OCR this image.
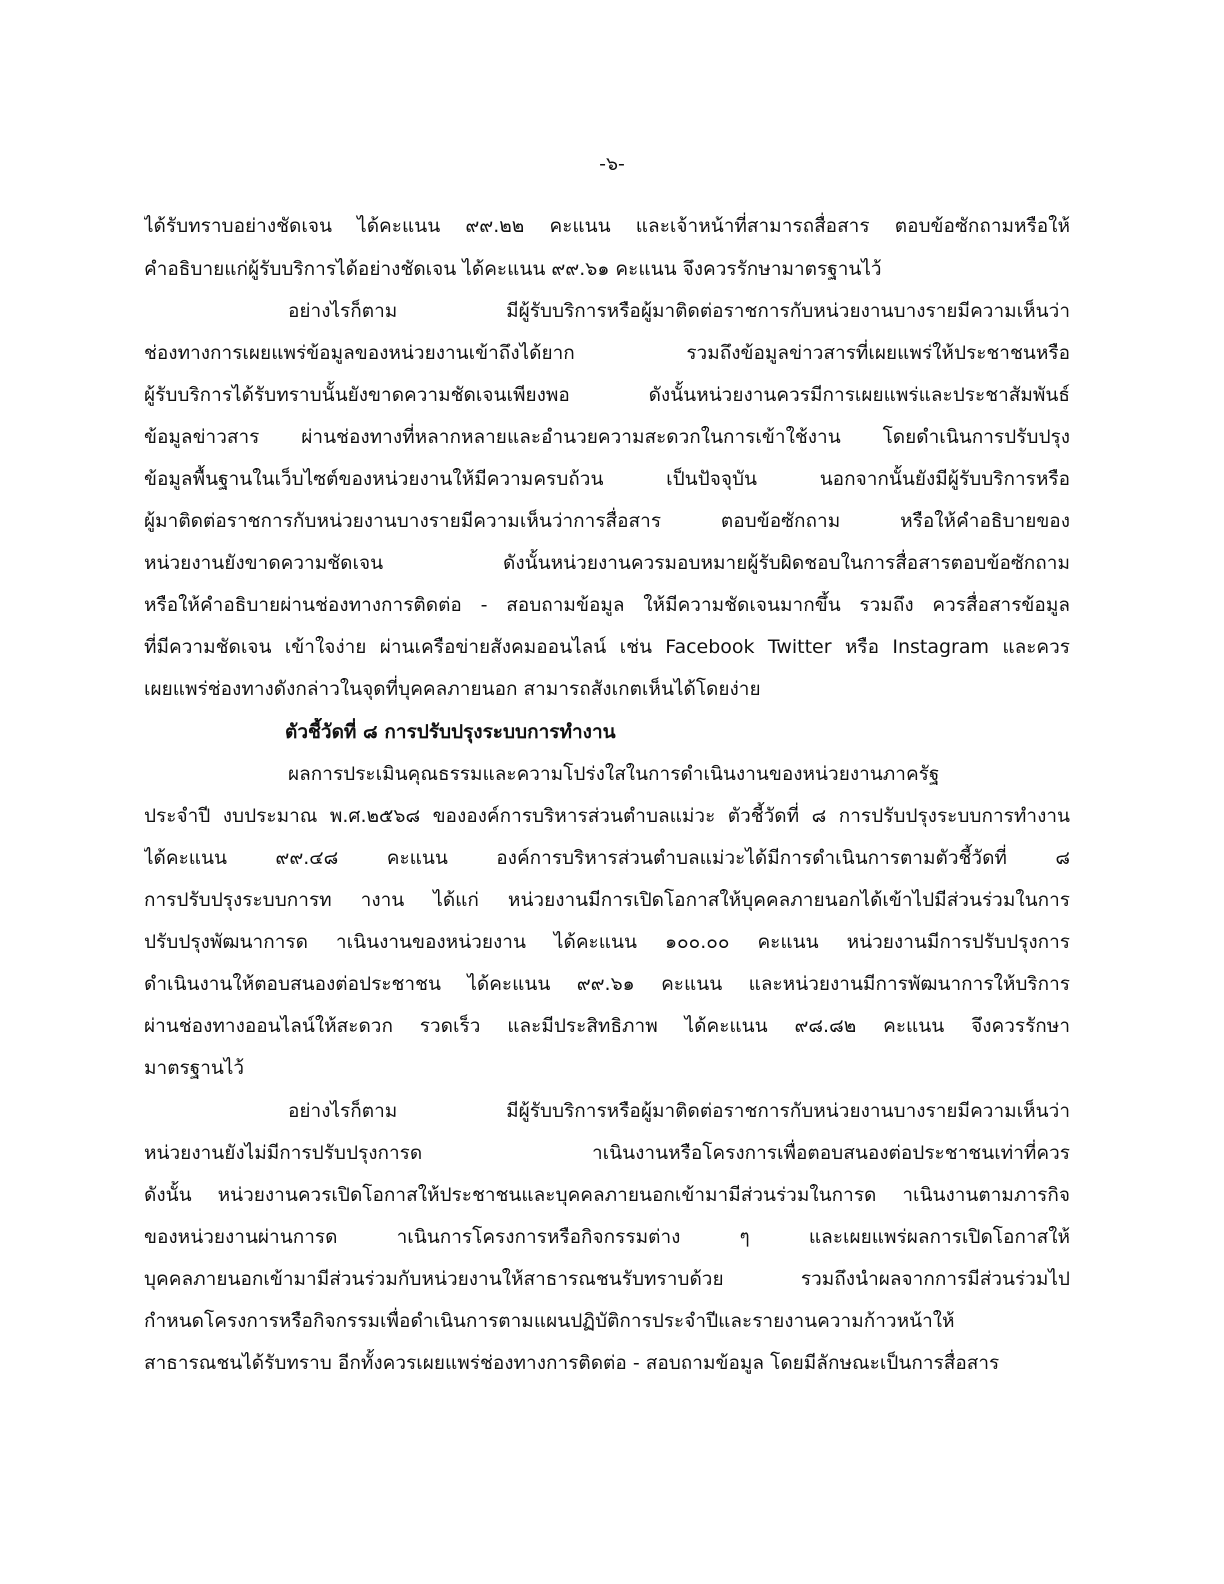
-๖-
ได้รับทราบอย่างชัดเจน ได้คะแนน ๙๙.๒๒ คะแนน และเจ้าหน้าที่สามารถสื่อสาร ตอบข้อซักถามหรือให้
คำอธิบายแก่ผู้รับบริการได้อย่างชัดเจน ได้คะแนน ๙๙.๖๑ คะแนน จึงควรรักษามาตรฐานไว้
อย่างไรก็ตาม มีผู้รับบริการหรือผู้มาติดต่อราชการกับหน่วยงานบางรายมีความเห็นว่า
ช่องทางการเผยแพร่ข้อมูลของหน่วยงานเข้าถึงได้ยาก รวมถึงข้อมูลข่าวสารที่เผยแพร่ให้ประชาชนหรือ
ผู้รับบริการได้รับทราบนั้นยังขาดความชัดเจนเพียงพอ ดังนั้นหน่วยงานควรมีการเผยแพร่และประชาสัมพันธ์
ข้อมูลข่าวสาร ผ่านช่องทางที่หลากหลายและอำนวยความสะดวกในการเข้าใช้งาน โดยดำเนินการปรับปรุง
ข้อมูลพื้นฐานในเว็บไซต์ของหน่วยงานให้มีความครบถ้วน เป็นปัจจุบัน นอกจากนั้นยังมีผู้รับบริการหรือ
ผู้มาติดต่อราชการกับหน่วยงานบางรายมีความเห็นว่าการสื่อสาร ตอบข้อซักถาม หรือให้คำอธิบายของ
หน่วยงานยังขาดความชัดเจน ดังนั้นหน่วยงานควรมอบหมายผู้รับผิดชอบในการสื่อสารตอบข้อซักถาม
หรือให้คำอธิบายผ่านช่องทางการติดต่อ - สอบถามข้อมูล ให้มีความชัดเจนมากขึ้น รวมถึง ควรสื่อสารข้อมูล
ที่มีความชัดเจน เข้าใจง่าย ผ่านเครือข่ายสังคมออนไลน์ เช่น Facebook Twitter หรือ Instagram และควร
เผยแพร่ช่องทางดังกล่าวในจุดที่บุคคลภายนอก สามารถสังเกตเห็นได้โดยง่าย
ตัวชี้วัดที่ ๘ การปรับปรุงระบบการทำงาน
ผลการประเมินคุณธรรมและความโปร่งใสในการดำเนินงานของหน่วยงานภาครัฐ
ประจำปี งบประมาณ พ.ศ.๒๕๖๘ ขององค์การบริหารส่วนตำบลแม่วะ ตัวชี้วัดที่ ๘ การปรับปรุงระบบการทำงาน
ได้คะแนน ๙๙.๔๘ คะแนน องค์การบริหารส่วนตำบลแม่วะได้มีการดำเนินการตามตัวชี้วัดที่ ๘
การปรับปรุงระบบการท างาน ได้แก่ หน่วยงานมีการเปิดโอกาสให้บุคคลภายนอกได้เข้าไปมีส่วนร่วมในการ
ปรับปรุงพัฒนาการด าเนินงานของหน่วยงาน ได้คะแนน ๑๐๐.๐๐ คะแนน หน่วยงานมีการปรับปรุงการ
ดำเนินงานให้ตอบสนองต่อประชาชน ได้คะแนน ๙๙.๖๑ คะแนน และหน่วยงานมีการพัฒนาการให้บริการ
ผ่านช่องทางออนไลน์ให้สะดวก รวดเร็ว และมีประสิทธิภาพ ได้คะแนน ๙๘.๘๒ คะแนน จึงควรรักษา
มาตรฐานไว้
อย่างไรก็ตาม มีผู้รับบริการหรือผู้มาติดต่อราชการกับหน่วยงานบางรายมีความเห็นว่า
หน่วยงานยังไม่มีการปรับปรุงการด าเนินงานหรือโครงการเพื่อตอบสนองต่อประชาชนเท่าที่ควร
ดังนั้น หน่วยงานควรเปิดโอกาสให้ประชาชนและบุคคลภายนอกเข้ามามีส่วนร่วมในการด าเนินงานตามภารกิจ
ของหน่วยงานผ่านการด าเนินการโครงการหรือกิจกรรมต่าง ๆ และเผยแพร่ผลการเปิดโอกาสให้
บุคคลภายนอกเข้ามามีส่วนร่วมกับหน่วยงานให้สาธารณชนรับทราบด้วย รวมถึงนำผลจากการมีส่วนร่วมไป
กำหนดโครงการหรือกิจกรรมเพื่อดำเนินการตามแผนปฏิบัติการประจำปีและรายงานความก้าวหน้าให้
สาธารณชนได้รับทราบ อีกทั้งควรเผยแพร่ช่องทางการติดต่อ - สอบถามข้อมูล โดยมีลักษณะเป็นการสื่อสาร
